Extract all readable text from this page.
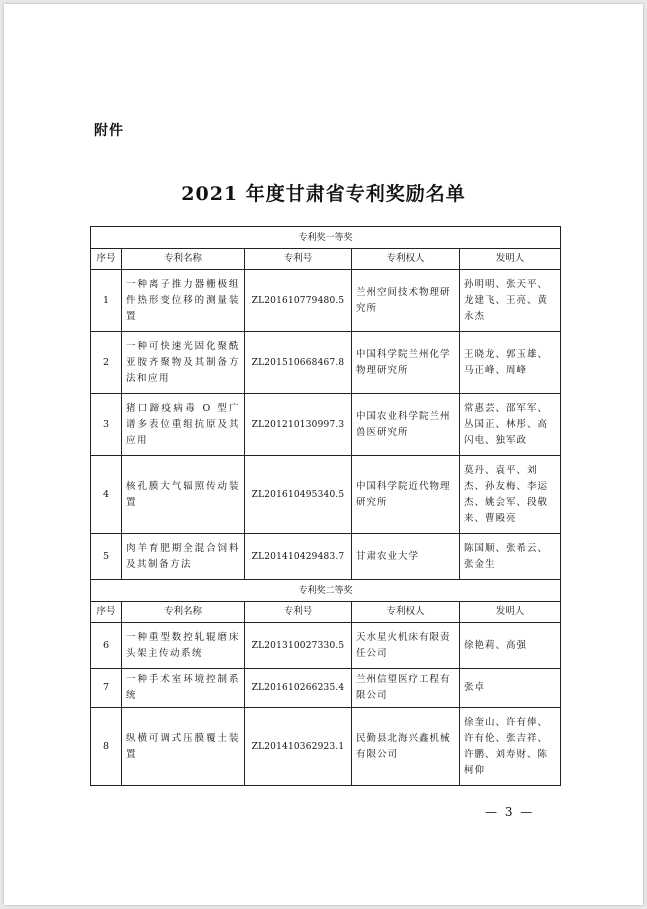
附件
2021 年度甘肃省专利奖励名单
专利奖一等奖				
序号	专利名称	专利号	专利权人	发明人
1	一种离子推力器栅极组件热形变位移的测量装置	ZL201610779480.5	兰州空间技术物理研究所	孙明明、张天平、龙建飞、王亮、黄永杰
2	一种可快速光固化聚酰亚胺齐聚物及其制备方法和应用	ZL201510668467.8	中国科学院兰州化学物理研究所	王晓龙、郭玉雄、马正峰、周峰
3	猪口蹄疫病毒 O 型广谱多表位重组抗原及其应用	ZL201210130997.3	中国农业科学院兰州兽医研究所	常惠芸、邵军军、丛国正、林彤、高闪电、独军政
4	核孔膜大气辐照传动装置	ZL201610495340.5	中国科学院近代物理研究所	莫丹、袁平、刘杰、孙友梅、李运杰、姚会军、段敬来、曹殿亮
5	肉羊育肥期全混合饲料及其制备方法	ZL201410429483.7	甘肃农业大学	陈国顺、张希云、张金生
专利奖二等奖				
序号	专利名称	专利号	专利权人	发明人
6	一种重型数控轧辊磨床头架主传动系统	ZL201310027330.5	天水星火机床有限责任公司	徐艳莉、高强
7	一种手术室环境控制系统	ZL201610266235.4	兰州信望医疗工程有限公司	张卓
8	纵横可调式压膜覆土装置	ZL201410362923.1	民勤县北海兴鑫机械有限公司	徐奎山、许有俸、许有伦、张吉祥、许鹏、刘寿财、陈柯仰
— 3 —
